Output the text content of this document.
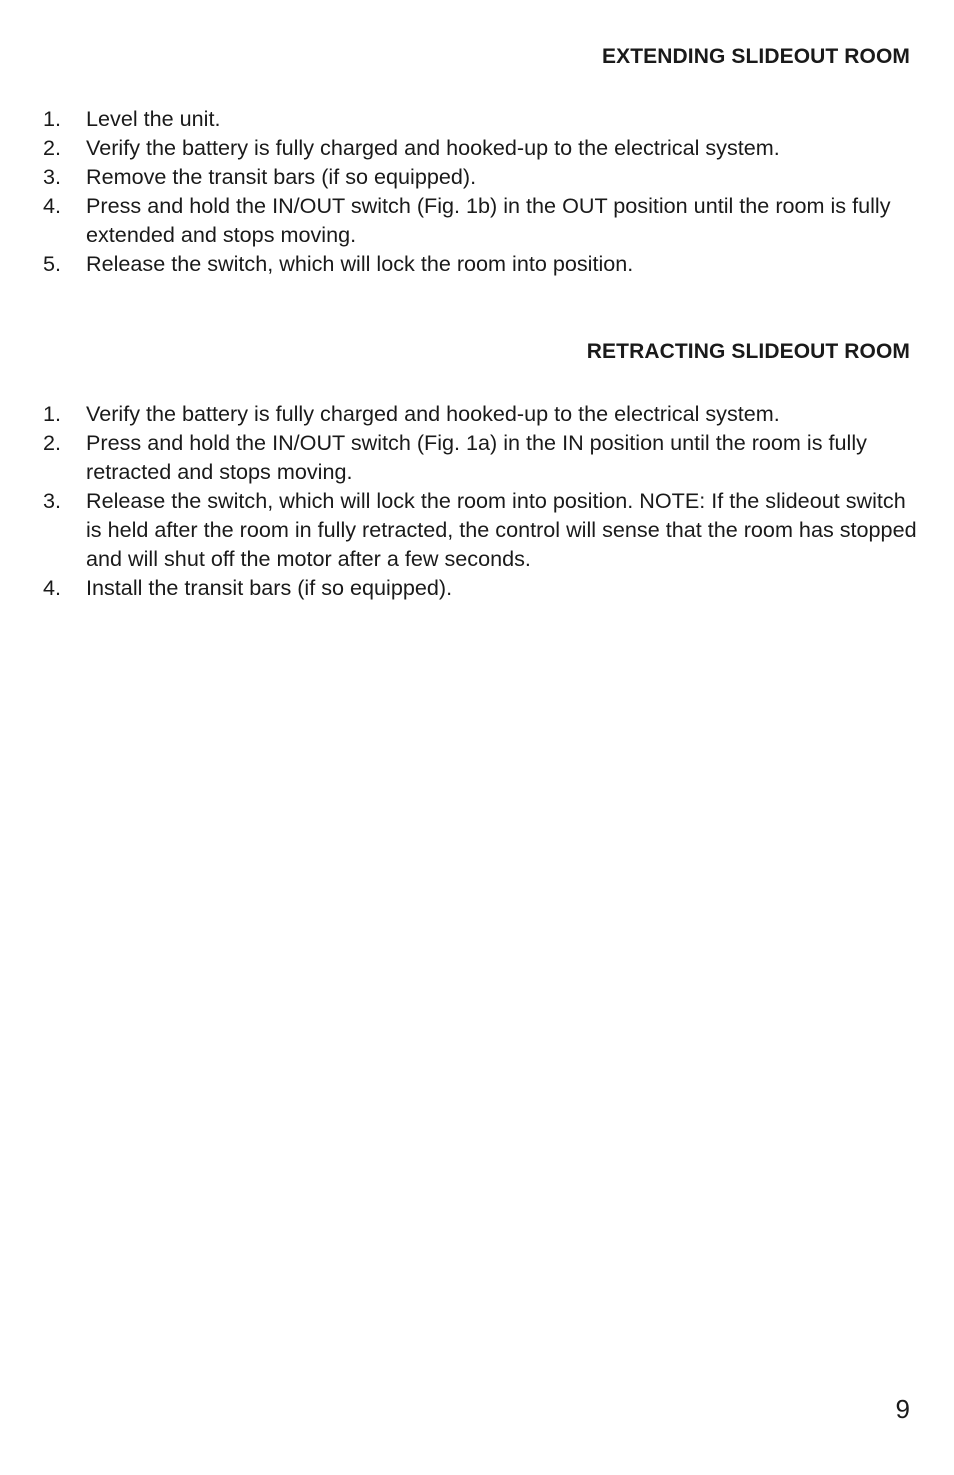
EXTENDING SLIDEOUT ROOM
1.	Level the unit.
2.	Verify the battery is fully charged and hooked-up to the electrical system.
3.	Remove the transit bars (if so equipped).
4.	Press and hold the IN/OUT switch (Fig. 1b) in the OUT position until the room is fully extended and stops moving.
5.	Release the switch, which will lock the room into position.
RETRACTING SLIDEOUT ROOM
1.	Verify the battery is fully charged and hooked-up to the electrical system.
2.	Press and hold the IN/OUT switch (Fig. 1a) in the IN position until the room is fully retracted and stops moving.
3.	Release the switch, which will lock the room into position. NOTE: If the slideout switch is held after the room in fully retracted, the control will sense that the room has stopped and will shut off the motor after a few seconds.
4.	Install the transit bars (if so equipped).
9
